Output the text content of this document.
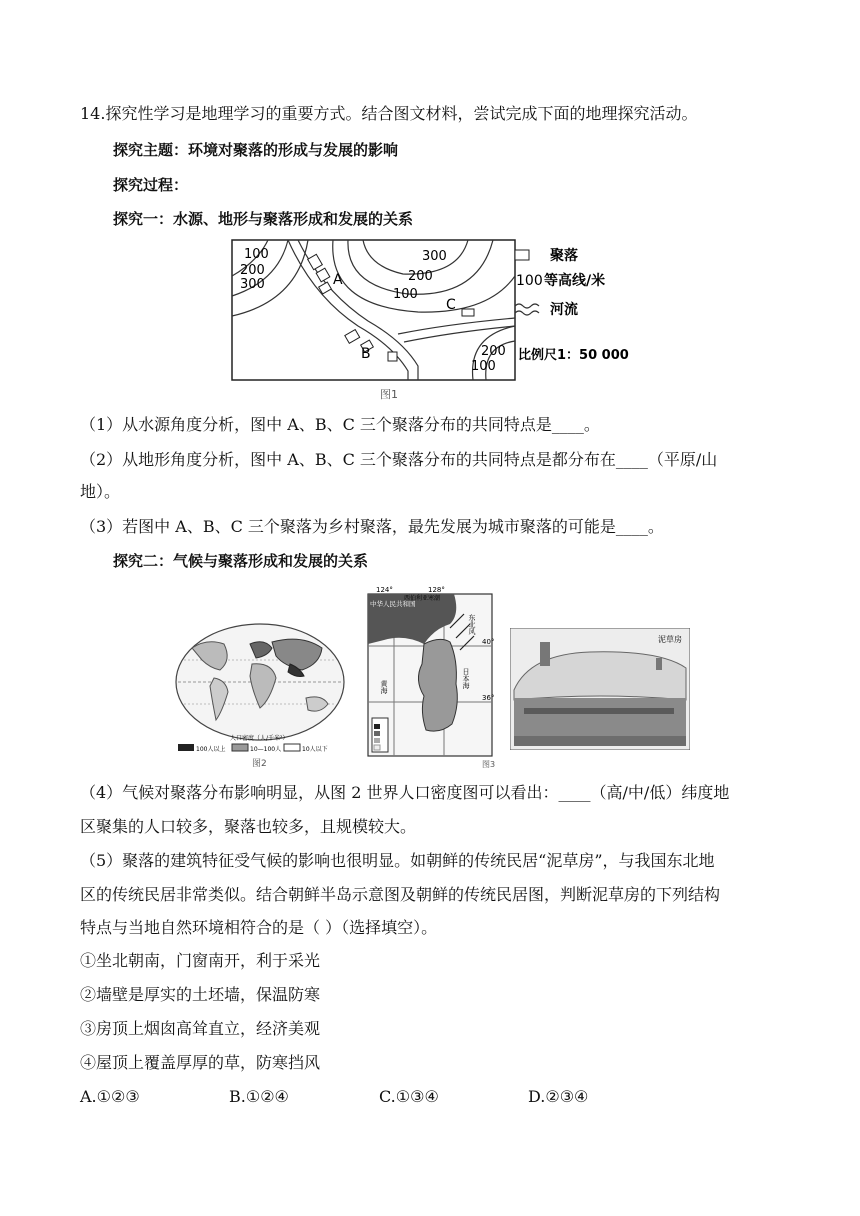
14.探究性学习是地理学习的重要方式。结合图文材料，尝试完成下面的地理探究活动。
探究主题：环境对聚落的形成与发展的影响
探究过程：
探究一：水源、地形与聚落形成和发展的关系
100
200
300
300
200
100
200
100
A
B
C
聚落
100 等高线/米
河流
比例尺1：50 000
图1
（1）从水源角度分析，图中 A、B、C 三个聚落分布的共同特点是____。
（2）从地形角度分析，图中 A、B、C 三个聚落分布的共同特点是都分布在____（平原/山
地）。
（3）若图中 A、B、C 三个聚落为乡村聚落，最先发展为城市聚落的可能是____。
探究二：气候与聚落形成和发展的关系
100人以上	10—100人	10人以下
人口密度（人/千米²）
图2
124°	128°
40°
36°
中华人民共和国
西伯利亚寒潮
东北风
日本海
黄海
图3
泥草房
（4）气候对聚落分布影响明显，从图 2 世界人口密度图可以看出：____（高/中/低）纬度地
区聚集的人口较多，聚落也较多，且规模较大。
（5）聚落的建筑特征受气候的影响也很明显。如朝鲜的传统民居“泥草房”，与我国东北地
区的传统民居非常类似。结合朝鲜半岛示意图及朝鲜的传统民居图，判断泥草房的下列结构
特点与当地自然环境相符合的是（ ）（选择填空）。
①坐北朝南，门窗南开，利于采光
②墙壁是厚实的土坯墙，保温防寒
③房顶上烟囱高耸直立，经济美观
④屋顶上覆盖厚厚的草，防寒挡风
A.①②③	B.①②④	C.①③④	D.②③④
